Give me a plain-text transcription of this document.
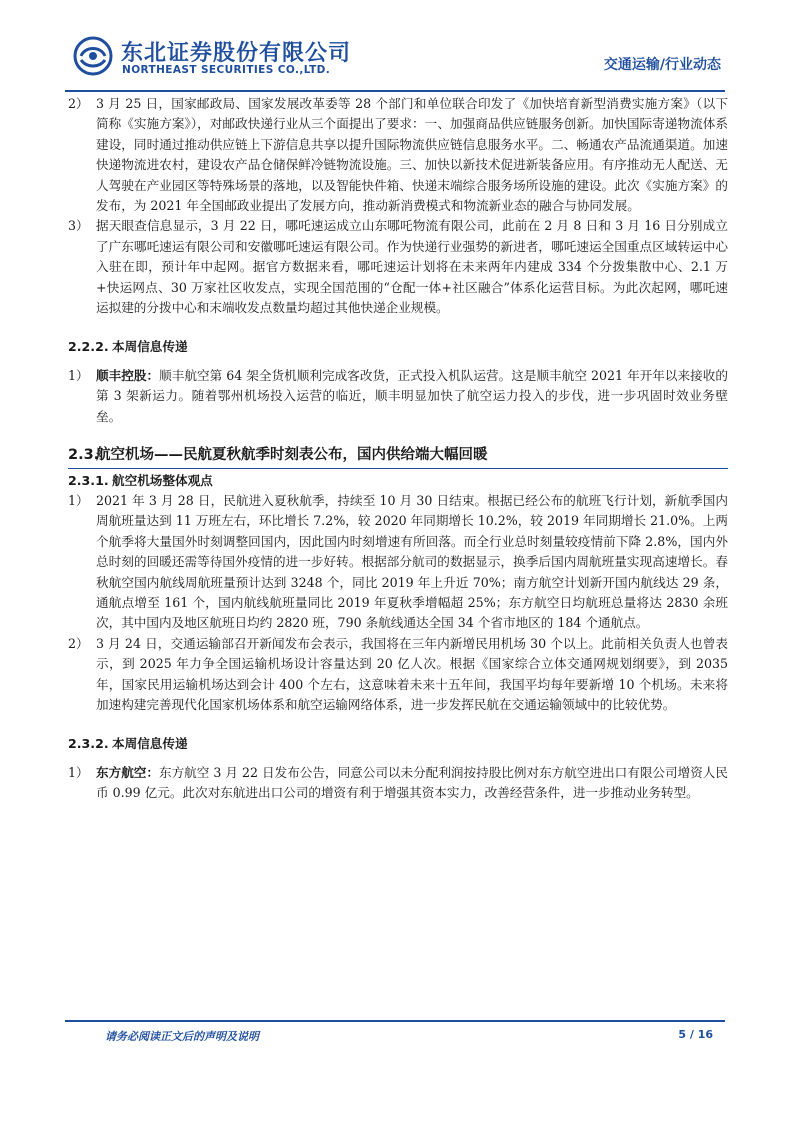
东北证券股份有限公司
NORTHEAST SECURITIES CO.,LTD.	交通运输/行业动态

2） 3 月 25 日，国家邮政局、国家发展改革委等 28 个部门和单位联合印发了《加快培育新型消费实施方案》（以下简称《实施方案》），对邮政快递行业从三个面提出了要求：一、加强商品供应链服务创新。加快国际寄递物流体系建设，同时通过推动供应链上下游信息共享以提升国际物流供应链信息服务水平。二、畅通农产品流通渠道。加速快递物流进农村，建设农产品仓储保鲜冷链物流设施。三、加快以新技术促进新装备应用。有序推动无人配送、无人驾驶在产业园区等特殊场景的落地，以及智能快件箱、快递末端综合服务场所设施的建设。此次《实施方案》的发布，为 2021 年全国邮政业提出了发展方向，推动新消费模式和物流新业态的融合与协同发展。

3） 据天眼查信息显示，3 月 22 日，哪吒速运成立山东哪吒物流有限公司，此前在 2 月 8 日和 3 月 16 日分别成立了广东哪吒速运有限公司和安徽哪吒速运有限公司。作为快递行业强势的新进者，哪吒速运全国重点区域转运中心入驻在即，预计年中起网。据官方数据来看，哪吒速运计划将在未来两年内建成 334 个分拨集散中心、2.1 万+快运网点、30 万家社区收发点，实现全国范围的“仓配一体+社区融合”体系化运营目标。为此次起网，哪吒速运拟建的分拨中心和末端收发点数量均超过其他快递企业规模。

2.2.2. 本周信息传递

1） 顺丰控股：顺丰航空第 64 架全货机顺利完成客改货，正式投入机队运营。这是顺丰航空 2021 年开年以来接收的第 3 架新运力。随着鄂州机场投入运营的临近，顺丰明显加快了航空运力投入的步伐，进一步巩固时效业务壁垒。

2.3.航空机场——民航夏秋航季时刻表公布，国内供给端大幅回暖

2.3.1. 航空机场整体观点

1） 2021 年 3 月 28 日，民航进入夏秋航季，持续至 10 月 30 日结束。根据已经公布的航班飞行计划，新航季国内周航班量达到 11 万班左右，环比增长 7.2%，较 2020 年同期增长 10.2%，较 2019 年同期增长 21.0%。上两个航季将大量国外时刻调整回国内，因此国内时刻增速有所回落。而全行业总时刻量较疫情前下降 2.8%，国内外总时刻的回暖还需等待国外疫情的进一步好转。根据部分航司的数据显示，换季后国内周航班量实现高速增长。春秋航空国内航线周航班量预计达到 3248 个，同比 2019 年上升近 70%；南方航空计划新开国内航线达 29 条，通航点增至 161 个，国内航线航班量同比 2019 年夏秋季增幅超 25%；东方航空日均航班总量将达 2830 余班次，其中国内及地区航班日均约 2820 班，790 条航线通达全国 34 个省市地区的 184 个通航点。

2） 3 月 24 日，交通运输部召开新闻发布会表示，我国将在三年内新增民用机场 30 个以上。此前相关负责人也曾表示，到 2025 年力争全国运输机场设计容量达到 20 亿人次。根据《国家综合立体交通网规划纲要》，到 2035 年，国家民用运输机场达到会计 400 个左右，这意味着未来十五年间，我国平均每年要新增 10 个机场。未来将加速构建完善现代化国家机场体系和航空运输网络体系，进一步发挥民航在交通运输领域中的比较优势。

2.3.2. 本周信息传递

1） 东方航空：东方航空 3 月 22 日发布公告，同意公司以未分配利润按持股比例对东方航空进出口有限公司增资人民币 0.99 亿元。此次对东航进出口公司的增资有利于增强其资本实力，改善经营条件，进一步推动业务转型。

请务必阅读正文后的声明及说明	5 / 16
